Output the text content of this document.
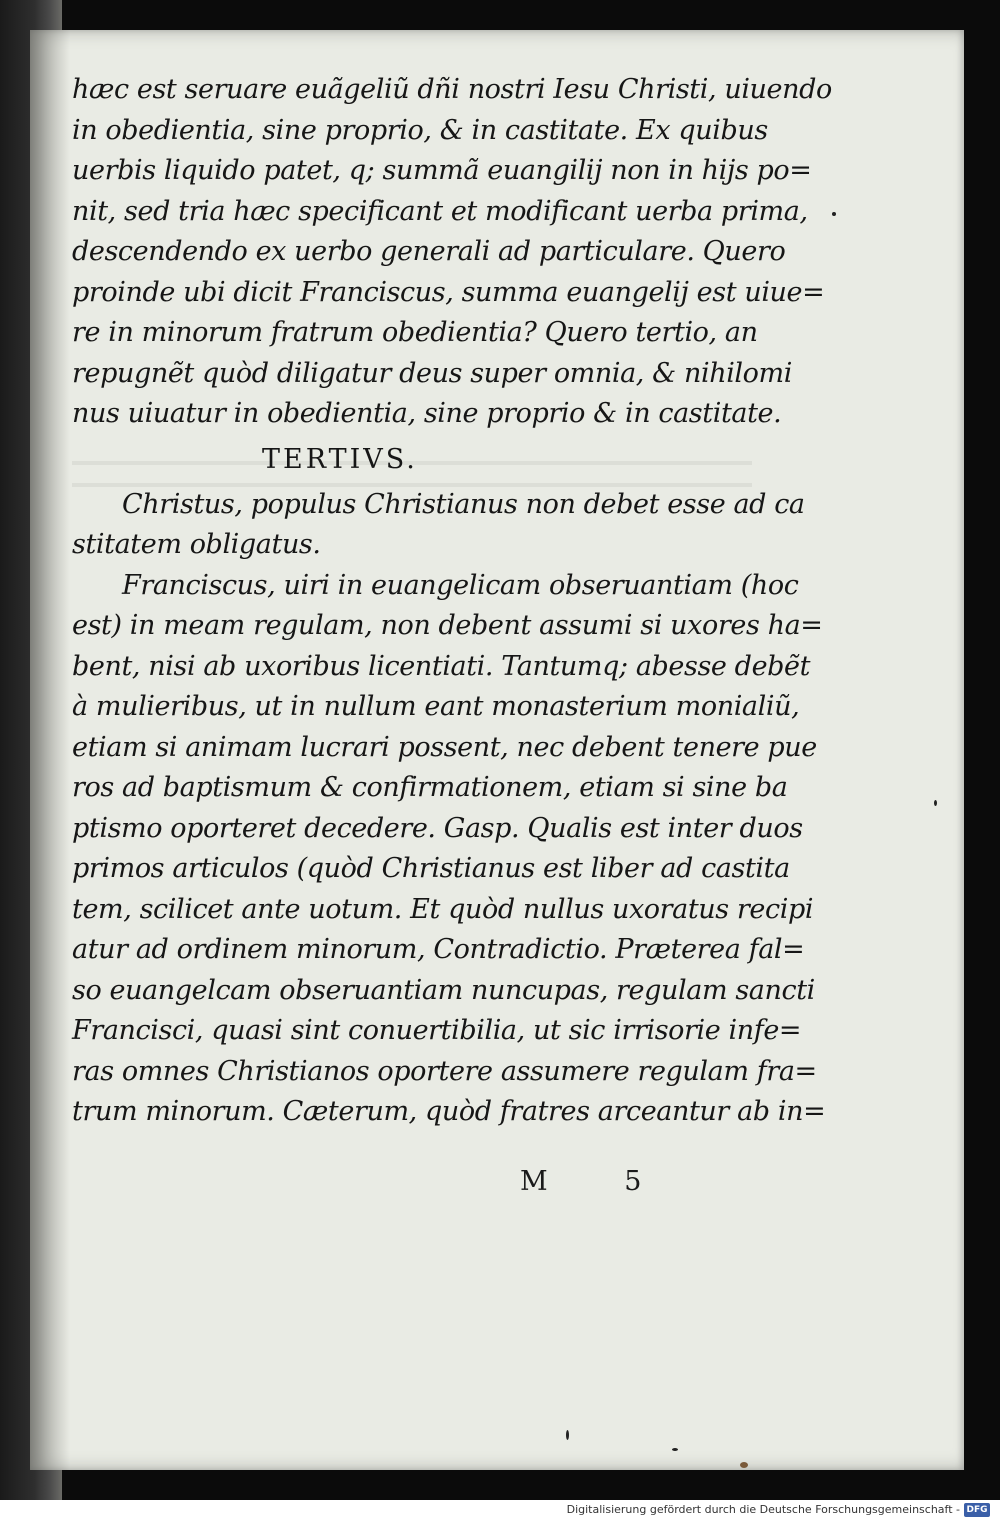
hæc est seruare euãgeliũ dñi nostri Iesu Christi, uiuendo
in obedientia, sine proprio, & in castitate. Ex quibus
uerbis liquido patet, q; summã euangilij non in hijs po=
nit, sed tria hæc specificant et modificant uerba prima,
descendendo ex uerbo generali ad particulare. Quero
proinde ubi dicit Franciscus, summa euangelij est uiue=
re in minorum fratrum obedientia? Quero tertio, an
repugnẽt quòd diligatur deus super omnia, & nihilomi
nus uiuatur in obedientia, sine proprio & in castitate.
TERTIVS.
Christus, populus Christianus non debet esse ad ca
stitatem obligatus.
Franciscus, uiri in euangelicam obseruantiam (hoc
est) in meam regulam, non debent assumi si uxores ha=
bent, nisi ab uxoribus licentiati. Tantumq; abesse debẽt
à mulieribus, ut in nullum eant monasterium monialiũ,
etiam si animam lucrari possent, nec debent tenere pue
ros ad baptismum & confirmationem, etiam si sine ba
ptismo oporteret decedere. Gasp. Qualis est inter duos
primos articulos (quòd Christianus est liber ad castita
tem, scilicet ante uotum. Et quòd nullus uxoratus recipi
atur ad ordinem minorum, Contradictio. Præterea fal=
so euangelcam obseruantiam nuncupas, regulam sancti
Francisci, quasi sint conuertibilia, ut sic irrisorie infe=
ras omnes Christianos oportere assumere regulam fra=
trum minorum. Cæterum, quòd fratres arceantur ab in=
M 5
Digitalisierung gefördert durch die Deutsche Forschungsgemeinschaft - DFG
